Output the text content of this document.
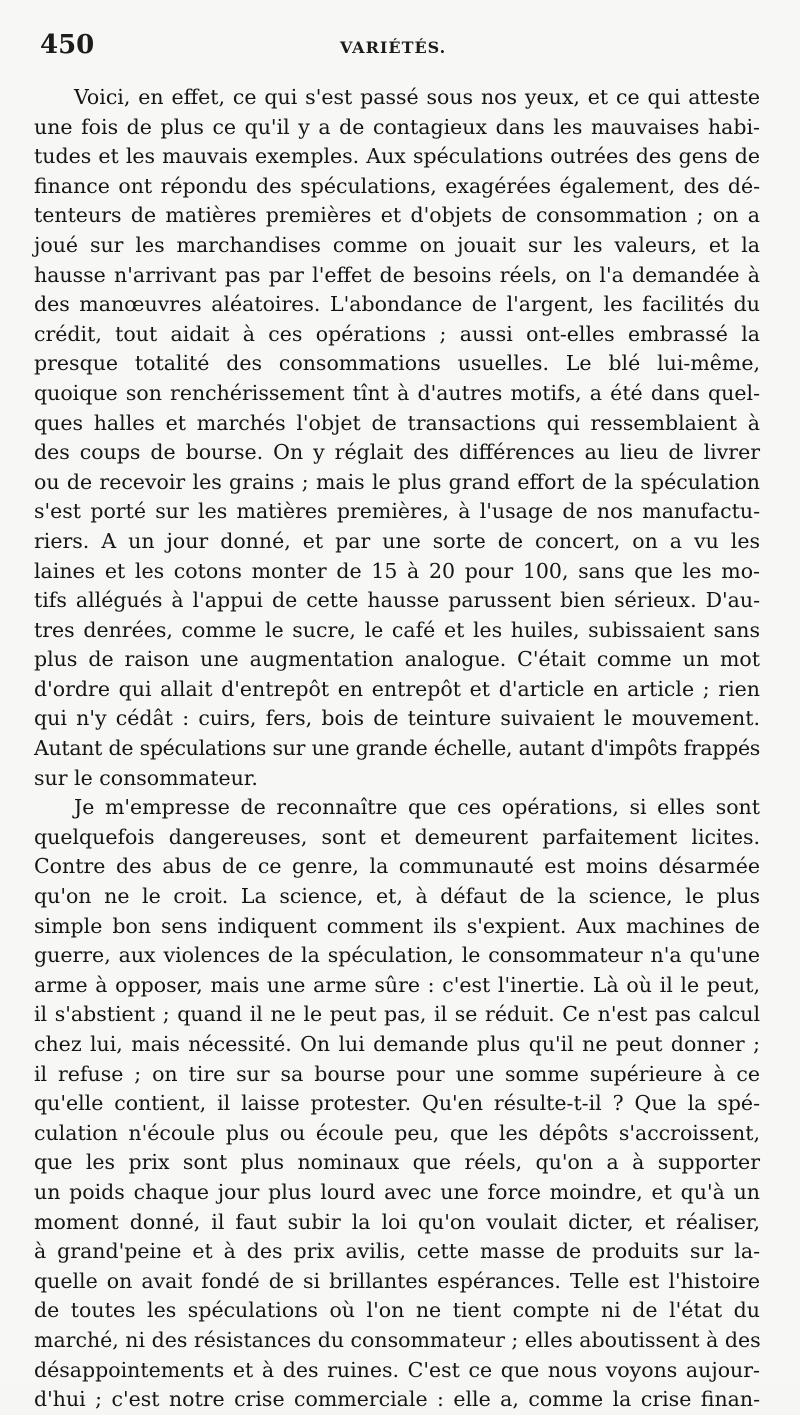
450	VARIÉTÉS.

Voici, en effet, ce qui s'est passé sous nos yeux, et ce qui atteste
une fois de plus ce qu'il y a de contagieux dans les mauvaises habi-
tudes et les mauvais exemples. Aux spéculations outrées des gens de
finance ont répondu des spéculations, exagérées également, des dé-
tenteurs de matières premières et d'objets de consommation ; on a
joué sur les marchandises comme on jouait sur les valeurs, et la
hausse n'arrivant pas par l'effet de besoins réels, on l'a demandée à
des manœuvres aléatoires. L'abondance de l'argent, les facilités du
crédit, tout aidait à ces opérations ; aussi ont-elles embrassé la
presque totalité des consommations usuelles. Le blé lui-même,
quoique son renchérissement tînt à d'autres motifs, a été dans quel-
ques halles et marchés l'objet de transactions qui ressemblaient à
des coups de bourse. On y réglait des différences au lieu de livrer
ou de recevoir les grains ; mais le plus grand effort de la spéculation
s'est porté sur les matières premières, à l'usage de nos manufactu-
riers. A un jour donné, et par une sorte de concert, on a vu les
laines et les cotons monter de 15 à 20 pour 100, sans que les mo-
tifs allégués à l'appui de cette hausse parussent bien sérieux. D'au-
tres denrées, comme le sucre, le café et les huiles, subissaient sans
plus de raison une augmentation analogue. C'était comme un mot
d'ordre qui allait d'entrepôt en entrepôt et d'article en article ; rien
qui n'y cédât : cuirs, fers, bois de teinture suivaient le mouvement.
Autant de spéculations sur une grande échelle, autant d'impôts frappés
sur le consommateur.

Je m'empresse de reconnaître que ces opérations, si elles sont
quelquefois dangereuses, sont et demeurent parfaitement licites.
Contre des abus de ce genre, la communauté est moins désarmée
qu'on ne le croit. La science, et, à défaut de la science, le plus
simple bon sens indiquent comment ils s'expient. Aux machines de
guerre, aux violences de la spéculation, le consommateur n'a qu'une
arme à opposer, mais une arme sûre : c'est l'inertie. Là où il le peut,
il s'abstient ; quand il ne le peut pas, il se réduit. Ce n'est pas calcul
chez lui, mais nécessité. On lui demande plus qu'il ne peut donner ;
il refuse ; on tire sur sa bourse pour une somme supérieure à ce
qu'elle contient, il laisse protester. Qu'en résulte-t-il ? Que la spé-
culation n'écoule plus ou écoule peu, que les dépôts s'accroissent,
que les prix sont plus nominaux que réels, qu'on a à supporter
un poids chaque jour plus lourd avec une force moindre, et qu'à un
moment donné, il faut subir la loi qu'on voulait dicter, et réaliser,
à grand'peine et à des prix avilis, cette masse de produits sur la-
quelle on avait fondé de si brillantes espérances. Telle est l'histoire
de toutes les spéculations où l'on ne tient compte ni de l'état du
marché, ni des résistances du consommateur ; elles aboutissent à des
désappointements et à des ruines. C'est ce que nous voyons aujour-
d'hui ; c'est notre crise commerciale : elle a, comme la crise finan-
